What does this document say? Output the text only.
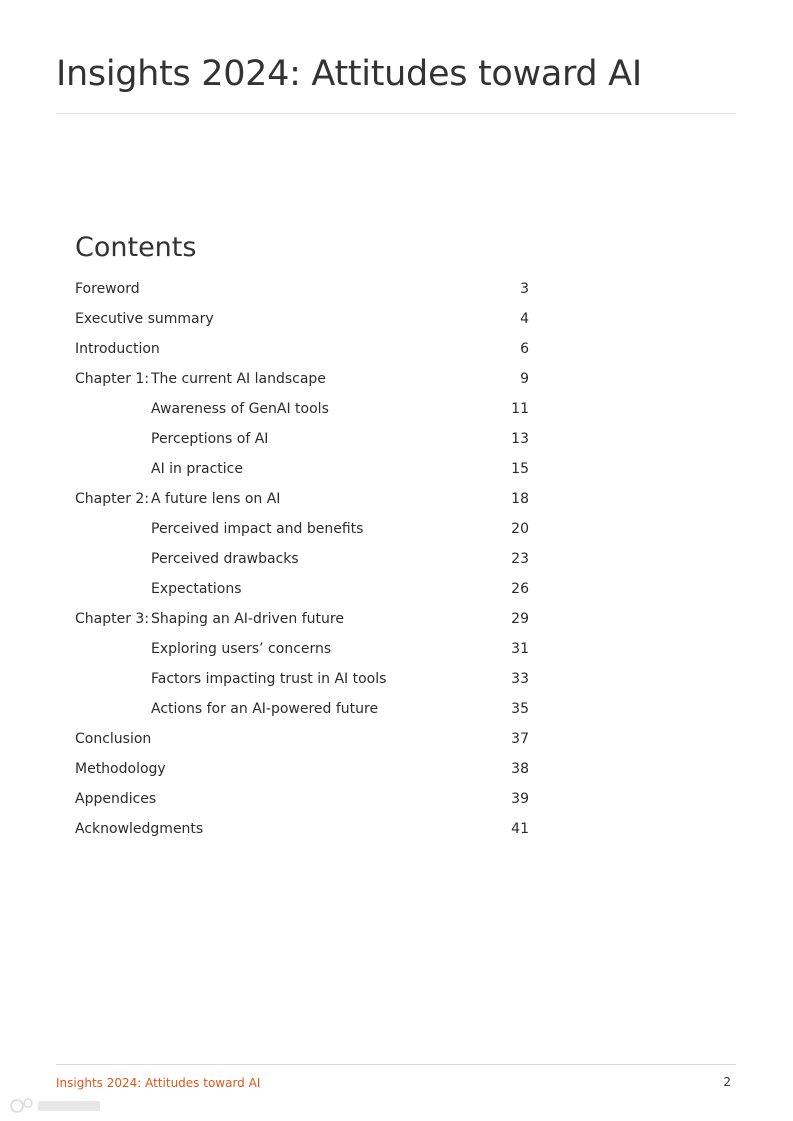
Insights 2024: Attitudes toward AI
Contents
Foreword	3
Executive summary	4
Introduction	6
Chapter 1: The current AI landscape	9
Awareness of GenAI tools	11
Perceptions of AI	13
AI in practice	15
Chapter 2: A future lens on AI	18
Perceived impact and benefits	20
Perceived drawbacks	23
Expectations	26
Chapter 3: Shaping an AI-driven future	29
Exploring users’ concerns	31
Factors impacting trust in AI tools	33
Actions for an AI-powered future	35
Conclusion	37
Methodology	38
Appendices	39
Acknowledgments	41
Insights 2024: Attitudes toward AI	2
